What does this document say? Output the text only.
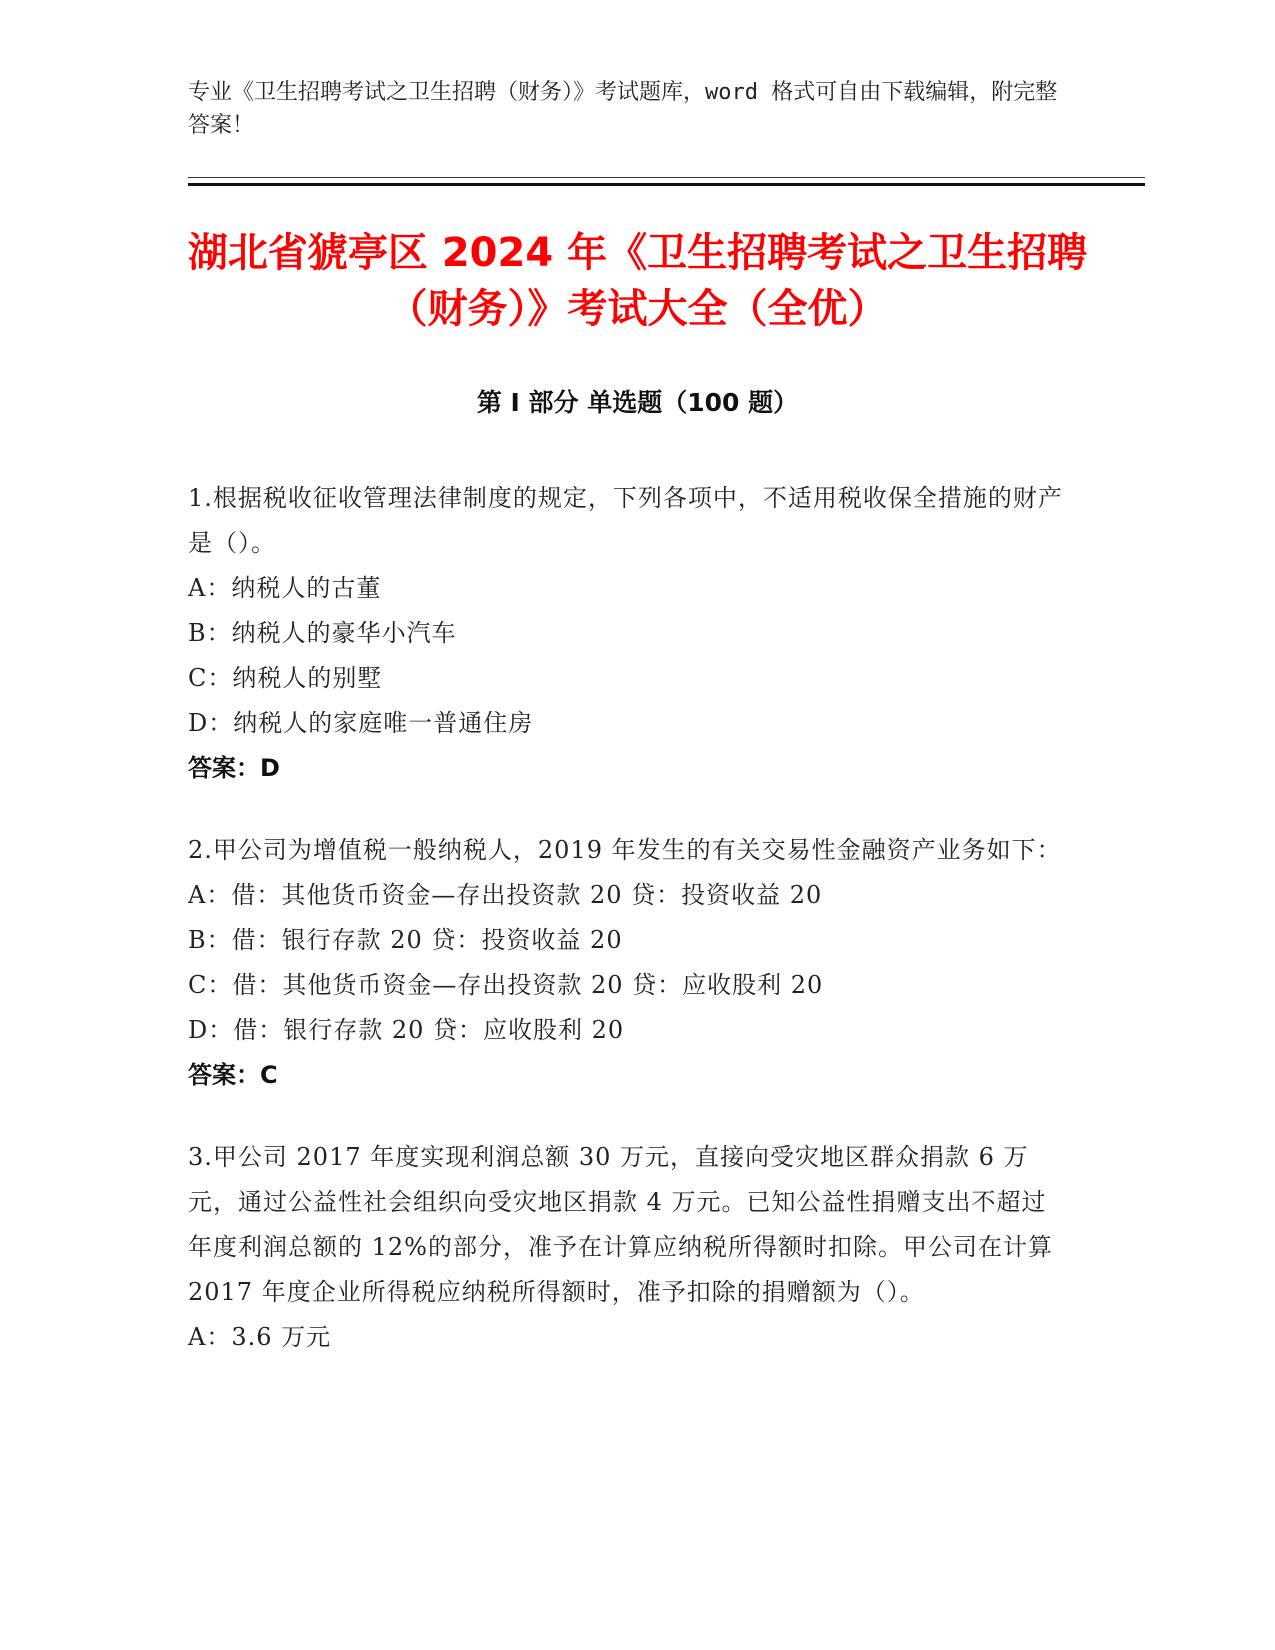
专业《卫生招聘考试之卫生招聘（财务）》考试题库，word 格式可自由下载编辑，附完整答案！
湖北省猇亭区 2024 年《卫生招聘考试之卫生招聘（财务）》考试大全（全优）
第 I 部分 单选题（100 题）
1.根据税收征收管理法律制度的规定，下列各项中，不适用税收保全措施的财产是（）。
A：纳税人的古董
B：纳税人的豪华小汽车
C：纳税人的别墅
D：纳税人的家庭唯一普通住房
答案：D
2.甲公司为增值税一般纳税人，2019 年发生的有关交易性金融资产业务如下：
A：借：其他货币资金—存出投资款 20 贷：投资收益 20
B：借：银行存款 20 贷：投资收益 20
C：借：其他货币资金—存出投资款 20 贷：应收股利 20
D：借：银行存款 20 贷：应收股利 20
答案：C
3.甲公司 2017 年度实现利润总额 30 万元，直接向受灾地区群众捐款 6 万元，通过公益性社会组织向受灾地区捐款 4 万元。已知公益性捐赠支出不超过年度利润总额的 12%的部分，准予在计算应纳税所得额时扣除。甲公司在计算 2017 年度企业所得税应纳税所得额时，准予扣除的捐赠额为（）。
A：3.6 万元
